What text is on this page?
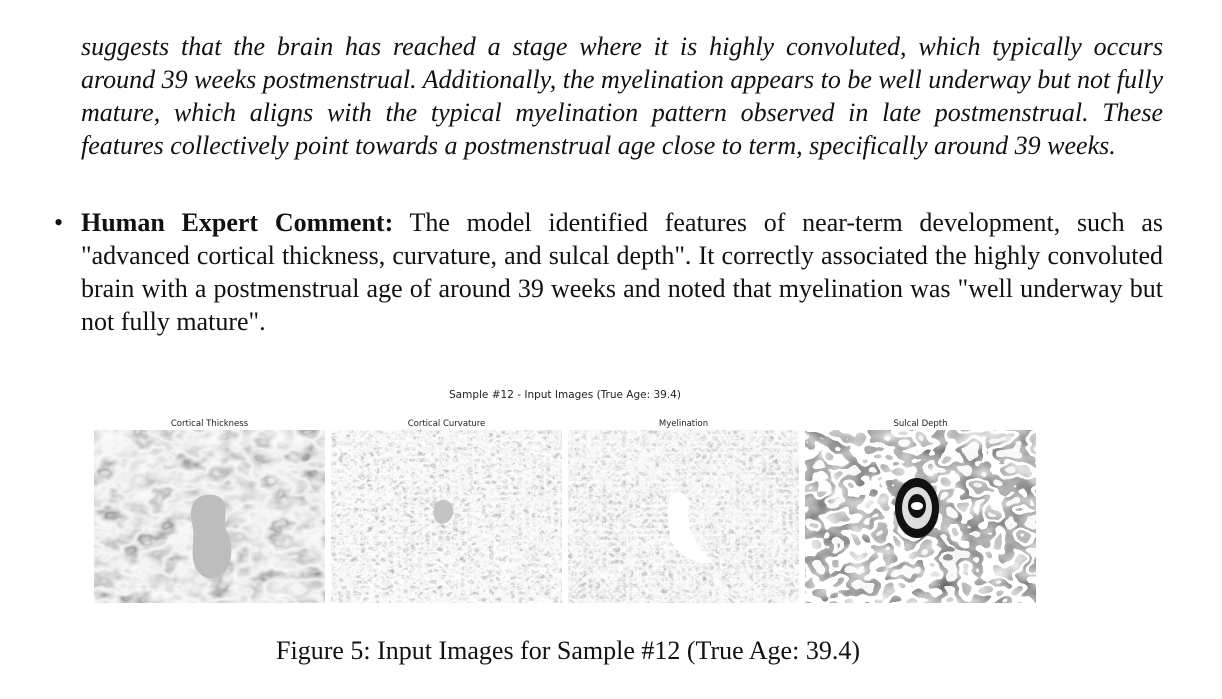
suggests that the brain has reached a stage where it is highly convoluted, which typically occurs around 39 weeks postmenstrual. Additionally, the myelination appears to be well underway but not fully mature, which aligns with the typical myelination pattern observed in late postmenstrual. These features collectively point towards a postmenstrual age close to term, specifically around 39 weeks.

• Human Expert Comment: The model identified features of near-term development, such as "advanced cortical thickness, curvature, and sulcal depth". It correctly associated the highly convoluted brain with a postmenstrual age of around 39 weeks and noted that myelination was "well underway but not fully mature".
Sample #12 - Input Images (True Age: 39.4)
Cortical Thickness	Cortical Curvature	Myelination	Sulcal Depth
Figure 5: Input Images for Sample #12 (True Age: 39.4)
